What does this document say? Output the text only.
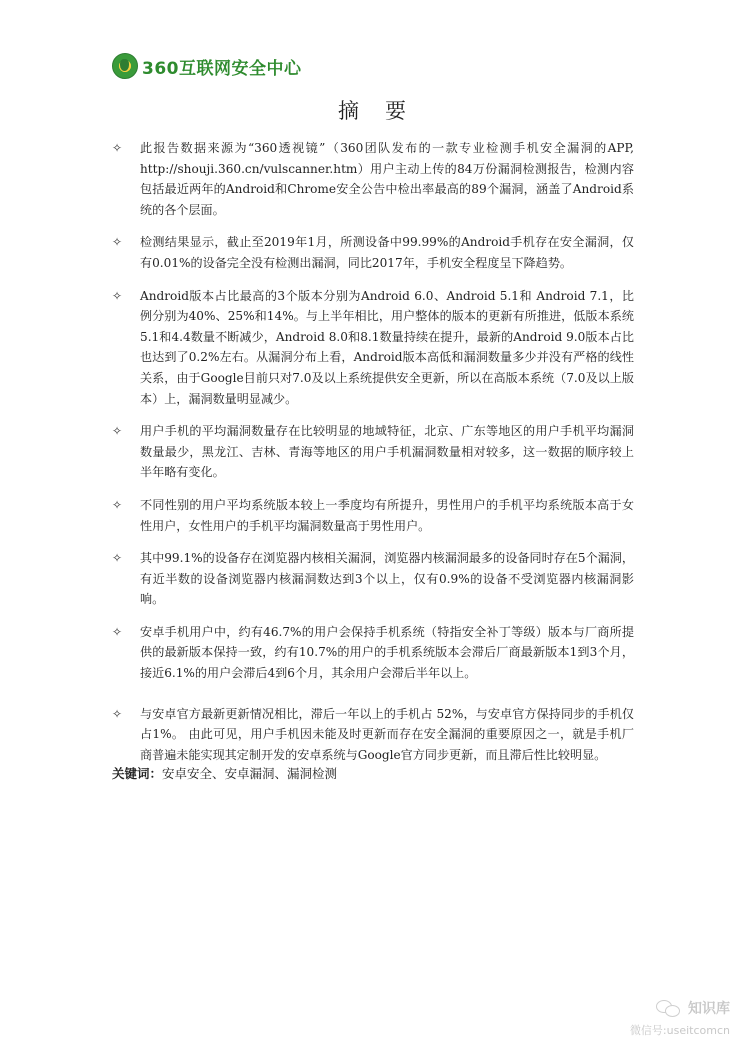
360互联网安全中心
摘要
✧ 此报告数据来源为“360透视镜”（360团队发布的一款专业检测手机安全漏洞的APP, http://shouji.360.cn/vulscanner.htm）用户主动上传的84万份漏洞检测报告，检测内容包括最近两年的Android和Chrome安全公告中检出率最高的89个漏洞，涵盖了Android系统的各个层面。
✧ 检测结果显示，截止至2019年1月，所测设备中99.99%的Android手机存在安全漏洞，仅有0.01%的设备完全没有检测出漏洞，同比2017年，手机安全程度呈下降趋势。
✧ Android版本占比最高的3个版本分别为Android 6.0、Android 5.1和 Android 7.1，比例分别为40%、25%和14%。与上半年相比，用户整体的版本的更新有所推进，低版本系统5.1和4.4数量不断减少，Android 8.0和8.1数量持续在提升，最新的Android 9.0版本占比也达到了0.2%左右。从漏洞分布上看，Android版本高低和漏洞数量多少并没有严格的线性关系，由于Google目前只对7.0及以上系统提供安全更新，所以在高版本系统（7.0及以上版本）上，漏洞数量明显减少。
✧ 用户手机的平均漏洞数量存在比较明显的地域特征，北京、广东等地区的用户手机平均漏洞数量最少，黑龙江、吉林、青海等地区的用户手机漏洞数量相对较多，这一数据的顺序较上半年略有变化。
✧ 不同性别的用户平均系统版本较上一季度均有所提升，男性用户的手机平均系统版本高于女性用户，女性用户的手机平均漏洞数量高于男性用户。
✧ 其中99.1%的设备存在浏览器内核相关漏洞，浏览器内核漏洞最多的设备同时存在5个漏洞，有近半数的设备浏览器内核漏洞数达到3个以上，仅有0.9%的设备不受浏览器内核漏洞影响。
✧ 安卓手机用户中，约有46.7%的用户会保持手机系统（特指安全补丁等级）版本与厂商所提供的最新版本保持一致，约有10.7%的用户的手机系统版本会滞后厂商最新版本1到3个月，接近6.1%的用户会滞后4到6个月，其余用户会滞后半年以上。
✧ 与安卓官方最新更新情况相比，滞后一年以上的手机占 52%，与安卓官方保持同步的手机仅占1%。 由此可见，用户手机因未能及时更新而存在安全漏洞的重要原因之一，就是手机厂商普遍未能实现其定制开发的安卓系统与Google官方同步更新，而且滞后性比较明显。
关键词：安卓安全、安卓漏洞、漏洞检测
知识库
微信号:useitcomcn
